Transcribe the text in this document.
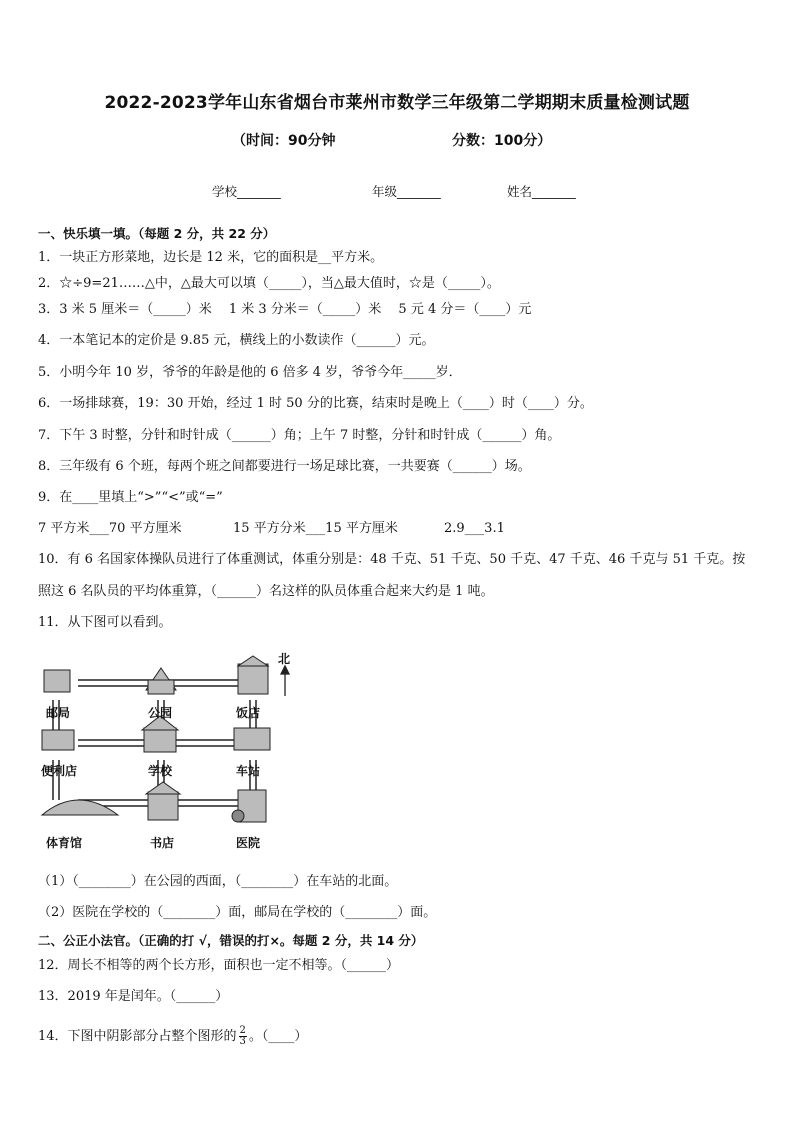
2022-2023学年山东省烟台市莱州市数学三年级第二学期期末质量检测试题
（时间：90分钟	分数：100分）
学校_______	年级_______	姓名_______
一、快乐填一填。（每题 2 分，共 22 分）
1．一块正方形菜地，边长是 12 米，它的面积是__平方米。
2．☆÷9=21……△中，△最大可以填（_____），当△最大值时，☆是（_____）。
3．3 米 5 厘米＝（_____）米　 1 米 3 分米＝（_____）米　 5 元 4 分＝（____）元
4．一本笔记本的定价是 9.85 元，横线上的小数读作（______）元。
5．小明今年 10 岁，爷爷的年龄是他的 6 倍多 4 岁，爷爷今年_____岁．
6．一场排球赛，19：30 开始，经过 1 时 50 分的比赛，结束时是晚上（____）时（____）分。
7．下午 3 时整，分针和时针成（______）角；上午 7 时整，分针和时针成（______）角。
8．三年级有 6 个班，每两个班之间都要进行一场足球比赛，一共要赛（______）场。
9．在____里填上“>”“<”或“=”
7 平方米___70 平方厘米	15 平方分米___15 平方厘米	2.9___3.1
10．有 6 名国家体操队员进行了体重测试，体重分别是：48 千克、51 千克、50 千克、47 千克、46 千克与 51 千克。按
照这 6 名队员的平均体重算，（______）名这样的队员体重合起来大约是 1 吨。
11．从下图可以看到。
北
邮局	公园	饭店
便利店	学校	车站
体育馆	书店	医院
（1）（________）在公园的西面，（________）在车站的北面。
（2）医院在学校的（________）面，邮局在学校的（________）面。
二、公正小法官。（正确的打 √，错误的打×。每题 2 分，共 14 分）
12．周长不相等的两个长方形，面积也一定不相等。（______）
13．2019 年是闰年。（______）
14．下图中阴影部分占整个图形的 $\frac{2}{3}$ 。（____）
